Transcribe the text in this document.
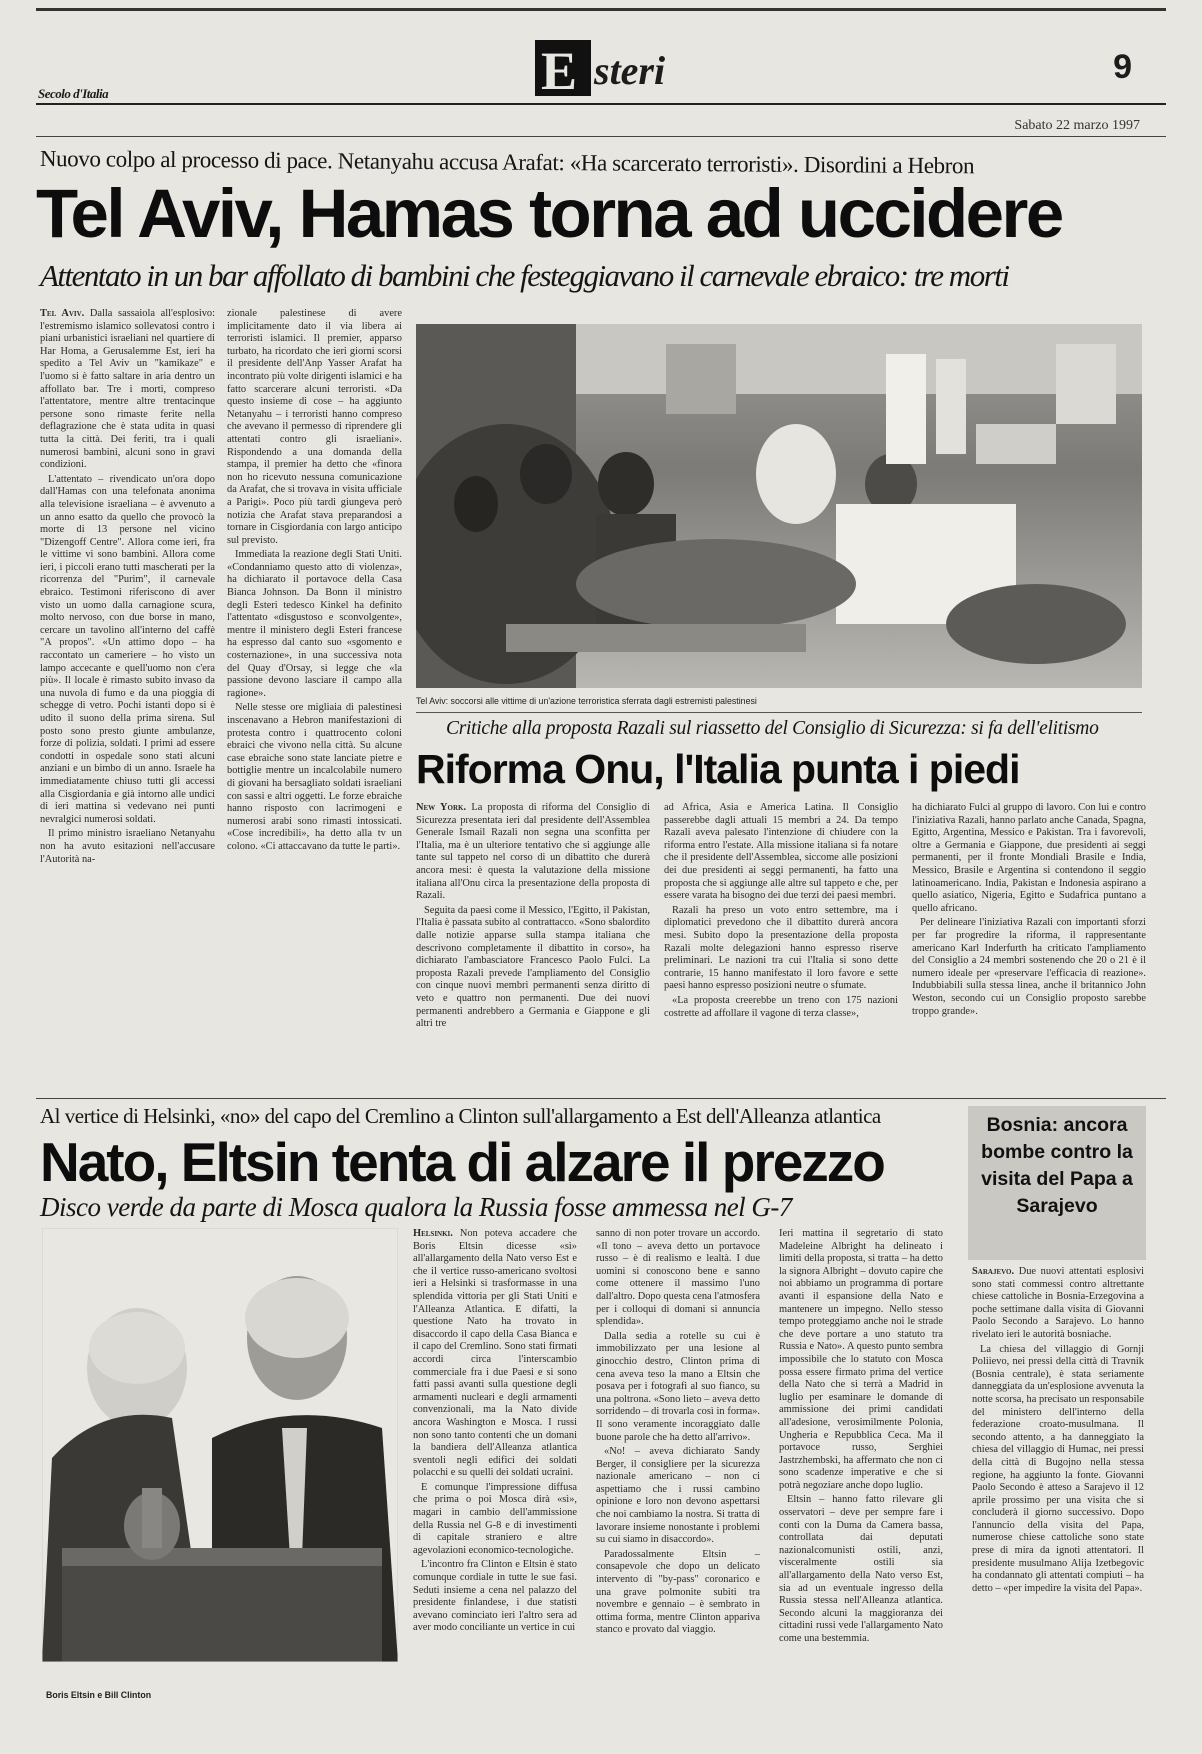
Secolo d'Italia	E steri	9
Sabato 22 marzo 1997
Nuovo colpo al processo di pace. Netanyahu accusa Arafat: «Ha scarcerato terroristi». Disordini a Hebron
Tel Aviv, Hamas torna ad uccidere
Attentato in un bar affollato di bambini che festeggiavano il carnevale ebraico: tre morti

Tel Aviv. Dalla sassaiola all'esplosivo: l'estremismo islamico sollevatosi contro i piani urbanistici israeliani nel quartiere di Har Homa, a Gerusalemme Est, ieri ha spedito a Tel Aviv un "kamikaze" e l'uomo si è fatto saltare in aria dentro un affollato bar. Tre i morti, compreso l'attentatore, mentre altre trentacinque persone sono rimaste ferite nella deflagrazione che è stata udita in quasi tutta la città. Dei feriti, tra i quali numerosi bambini, alcuni sono in gravi condizioni.

L'attentato – rivendicato un'ora dopo dall'Hamas con una telefonata anonima alla televisione israeliana – è avvenuto a un anno esatto da quello che provocò la morte di 13 persone nel vicino "Dizengoff Centre". Allora come ieri, fra le vittime vi sono bambini. Allora come ieri, i piccoli erano tutti mascherati per la ricorrenza del "Purim", il carnevale ebraico. Testimoni riferiscono di aver visto un uomo dalla carnagione scura, molto nervoso, con due borse in mano, cercare un tavolino all'interno del caffè "A propos". «Un attimo dopo – ha raccontato un cameriere – ho visto un lampo accecante e quell'uomo non c'era più». Il locale è rimasto subito invaso da una nuvola di fumo e da una pioggia di schegge di vetro. Pochi istanti dopo si è udito il suono della prima sirena. Sul posto sono presto giunte ambulanze, forze di polizia, soldati. I primi ad essere condotti in ospedale sono stati alcuni anziani e un bimbo di un anno. Israele ha immediatamente chiuso tutti gli accessi alla Cisgiordania e già intorno alle undici di ieri mattina si vedevano nei punti nevralgici numerosi soldati.

Il primo ministro israeliano Netanyahu non ha avuto esitazioni nell'accusare l'Autorità na-

zionale palestinese di avere implicitamente dato il via libera ai terroristi islamici. Il premier, apparso turbato, ha ricordato che ieri giorni scorsi il presidente dell'Anp Yasser Arafat ha incontrato più volte dirigenti islamici e ha fatto scarcerare alcuni terroristi. «Da questo insieme di cose – ha aggiunto Netanyahu – i terroristi hanno compreso che avevano il permesso di riprendere gli attentati contro gli israeliani». Rispondendo a una domanda della stampa, il premier ha detto che «finora non ho ricevuto nessuna comunicazione da Arafat, che si trovava in visita ufficiale a Parigi». Poco più tardi giungeva però notizia che Arafat stava preparandosi a tornare in Cisgiordania con largo anticipo sul previsto.

Immediata la reazione degli Stati Uniti. «Condanniamo questo atto di violenza», ha dichiarato il portavoce della Casa Bianca Johnson. Da Bonn il ministro degli Esteri tedesco Kinkel ha definito l'attentato «disgustoso e sconvolgente», mentre il ministero degli Esteri francese ha espresso dal canto suo «sgomento e costernazione», in una successiva nota del Quay d'Orsay, si legge che «la passione devono lasciare il campo alla ragione».

Nelle stesse ore migliaia di palestinesi inscenavano a Hebron manifestazioni di protesta contro i quattrocento coloni ebraici che vivono nella città. Su alcune case ebraiche sono state lanciate pietre e bottiglie mentre un incalcolabile numero di giovani ha bersagliato soldati israeliani con sassi e altri oggetti. Le forze ebraiche hanno risposto con lacrimogeni e numerosi arabi sono rimasti intossicati. «Cose incredibili», ha detto alla tv un colono. «Ci attaccavano da tutte le parti».

Tel Aviv: soccorsi alle vittime di un'azione terroristica sferrata dagli estremisti palestinesi
Critiche alla proposta Razali sul riassetto del Consiglio di Sicurezza: si fa dell'elitismo
Riforma Onu, l'Italia punta i piedi

New York. La proposta di riforma del Consiglio di Sicurezza presentata ieri dal presidente dell'Assemblea Generale Ismail Razali non segna una sconfitta per l'Italia, ma è un ulteriore tentativo che si aggiunge alle tante sul tappeto nel corso di un dibattito che durerà ancora mesi: è questa la valutazione della missione italiana all'Onu circa la presentazione della proposta di Razali.

Seguita da paesi come il Messico, l'Egitto, il Pakistan, l'Italia è passata subito al contrattacco. «Sono sbalordito dalle notizie apparse sulla stampa italiana che descrivono completamente il dibattito in corso», ha dichiarato l'ambasciatore Francesco Paolo Fulci. La proposta Razali prevede l'ampliamento del Consiglio con cinque nuovi membri permanenti senza diritto di veto e quattro non permanenti. Due dei nuovi permanenti andrebbero a Germania e Giappone e gli altri tre

ad Africa, Asia e America Latina. Il Consiglio passerebbe dagli attuali 15 membri a 24. Da tempo Razali aveva palesato l'intenzione di chiudere con la riforma entro l'estate. Alla missione italiana si fa notare che il presidente dell'Assemblea, siccome alle posizioni dei due presidenti ai seggi permanenti, ha fatto una proposta che si aggiunge alle altre sul tappeto e che, per essere varata ha bisogno dei due terzi dei paesi membri.

Razali ha preso un voto entro settembre, ma i diplomatici prevedono che il dibattito durerà ancora mesi. Subito dopo la presentazione della proposta Razali molte delegazioni hanno espresso riserve preliminari. Le nazioni tra cui l'Italia si sono dette contrarie, 15 hanno manifestato il loro favore e sette paesi hanno espresso posizioni neutre o sfumate.

«La proposta creerebbe un treno con 175 nazioni costrette ad affollare il vagone di terza classe»,

ha dichiarato Fulci al gruppo di lavoro. Con lui e contro l'iniziativa Razali, hanno parlato anche Canada, Spagna, Egitto, Argentina, Messico e Pakistan. Tra i favorevoli, oltre a Germania e Giappone, due presidenti ai seggi permanenti, per il fronte Mondiali Brasile e India, Messico, Brasile e Argentina si contendono il seggio latinoamericano. India, Pakistan e Indonesia aspirano a quello asiatico, Nigeria, Egitto e Sudafrica puntano a quello africano.

Per delineare l'iniziativa Razali con importanti sforzi per far progredire la riforma, il rappresentante americano Karl Inderfurth ha criticato l'ampliamento del Consiglio a 24 membri sostenendo che 20 o 21 è il numero ideale per «preservare l'efficacia di reazione». Indubbiabili sulla stessa linea, anche il britannico John Weston, secondo cui un Consiglio proposto sarebbe troppo grande».

Al vertice di Helsinki, «no» del capo del Cremlino a Clinton sull'allargamento a Est dell'Alleanza atlantica
Nato, Eltsin tenta di alzare il prezzo
Disco verde da parte di Mosca qualora la Russia fosse ammessa nel G-7
Boris Eltsin e Bill Clinton

Helsinki. Non poteva accadere che Boris Eltsin dicesse «sì» all'allargamento della Nato verso Est e che il vertice russo-americano svoltosi ieri a Helsinki si trasformasse in una splendida vittoria per gli Stati Uniti e l'Alleanza Atlantica. E difatti, la questione Nato ha trovato in disaccordo il capo della Casa Bianca e il capo del Cremlino. Sono stati firmati accordi circa l'interscambio commerciale fra i due Paesi e si sono fatti passi avanti sulla questione degli armamenti nucleari e degli armamenti convenzionali, ma la Nato divide ancora Washington e Mosca. I russi non sono tanto contenti che un domani la bandiera dell'Alleanza atlantica sventoli negli edifici dei soldati polacchi e su quelli dei soldati ucraini.

E comunque l'impressione diffusa che prima o poi Mosca dirà «sì», magari in cambio dell'ammissione della Russia nel G-8 e di investimenti di capitale straniero e altre agevolazioni economico-tecnologiche.

L'incontro fra Clinton e Eltsin è stato comunque cordiale in tutte le sue fasi. Seduti insieme a cena nel palazzo del presidente finlandese, i due statisti avevano cominciato ieri l'altro sera ad aver modo conciliante un vertice in cui

sanno di non poter trovare un accordo. «Il tono – aveva detto un portavoce russo – è di realismo e lealtà. I due uomini si conoscono bene e sanno come ottenere il massimo l'uno dall'altro. Dopo questa cena l'atmosfera per i colloqui di domani si annuncia splendida».

Dalla sedia a rotelle su cui è immobilizzato per una lesione al ginocchio destro, Clinton prima di cena aveva teso la mano a Eltsin che posava per i fotografi al suo fianco, su una poltrona. «Sono lieto – aveva detto sorridendo – di trovarla così in forma». Il sono veramente incoraggiato dalle buone parole che ha detto all'arrivo».

«No! – aveva dichiarato Sandy Berger, il consigliere per la sicurezza nazionale americano – non ci aspettiamo che i russi cambino opinione e loro non devono aspettarsi che noi cambiamo la nostra. Si tratta di lavorare insieme nonostante i problemi su cui siamo in disaccordo».

Paradossalmente Eltsin – consapevole che dopo un delicato intervento di "by-pass" coronarico e una grave polmonite subiti tra novembre e gennaio – è sembrato in ottima forma, mentre Clinton appariva stanco e provato dal viaggio.

Ieri mattina il segretario di stato Madeleine Albright ha delineato i limiti della proposta, si tratta – ha detto la signora Albright – dovuto capire che noi abbiamo un programma di portare avanti il espansione della Nato e mantenere un impegno. Nello stesso tempo proteggiamo anche noi le strade che deve portare a uno statuto tra Russia e Nato». A questo punto sembra impossibile che lo statuto con Mosca possa essere firmato prima del vertice della Nato che si terrà a Madrid in luglio per esaminare le domande di ammissione dei primi candidati all'adesione, verosimilmente Polonia, Ungheria e Repubblica Ceca. Ma il portavoce russo, Serghiei Jastrzhembski, ha affermato che non ci sono scadenze imperative e che si potrà negoziare anche dopo luglio.

Eltsin – hanno fatto rilevare gli osservatori – deve per sempre fare i conti con la Duma da Camera bassa, controllata dai deputati nazionalcomunisti ostili, anzi, visceralmente ostili sia all'allargamento della Nato verso Est, sia ad un eventuale ingresso della Russia stessa nell'Alleanza atlantica. Secondo alcuni la maggioranza dei cittadini russi vede l'allargamento Nato come una bestemmia.

Bosnia: ancora bombe contro la visita del Papa a Sarajevo

Sarajevo. Due nuovi attentati esplosivi sono stati commessi contro altrettante chiese cattoliche in Bosnia-Erzegovina a poche settimane dalla visita di Giovanni Paolo Secondo a Sarajevo. Lo hanno rivelato ieri le autorità bosniache.

La chiesa del villaggio di Gornji Poliievo, nei pressi della città di Travnik (Bosnia centrale), è stata seriamente danneggiata da un'esplosione avvenuta la notte scorsa, ha precisato un responsabile del ministero dell'interno della federazione croato-musulmana. Il secondo attento, a ha danneggiato la chiesa del villaggio di Humac, nei pressi della città di Bugojno nella stessa regione, ha aggiunto la fonte. Giovanni Paolo Secondo è atteso a Sarajevo il 12 aprile prossimo per una visita che si concluderà il giorno successivo. Dopo l'annuncio della visita del Papa, numerose chiese cattoliche sono state prese di mira da ignoti attentatori. Il presidente musulmano Alija Izetbegovic ha condannato gli attentati compiuti – ha detto – «per impedire la visita del Papa».
